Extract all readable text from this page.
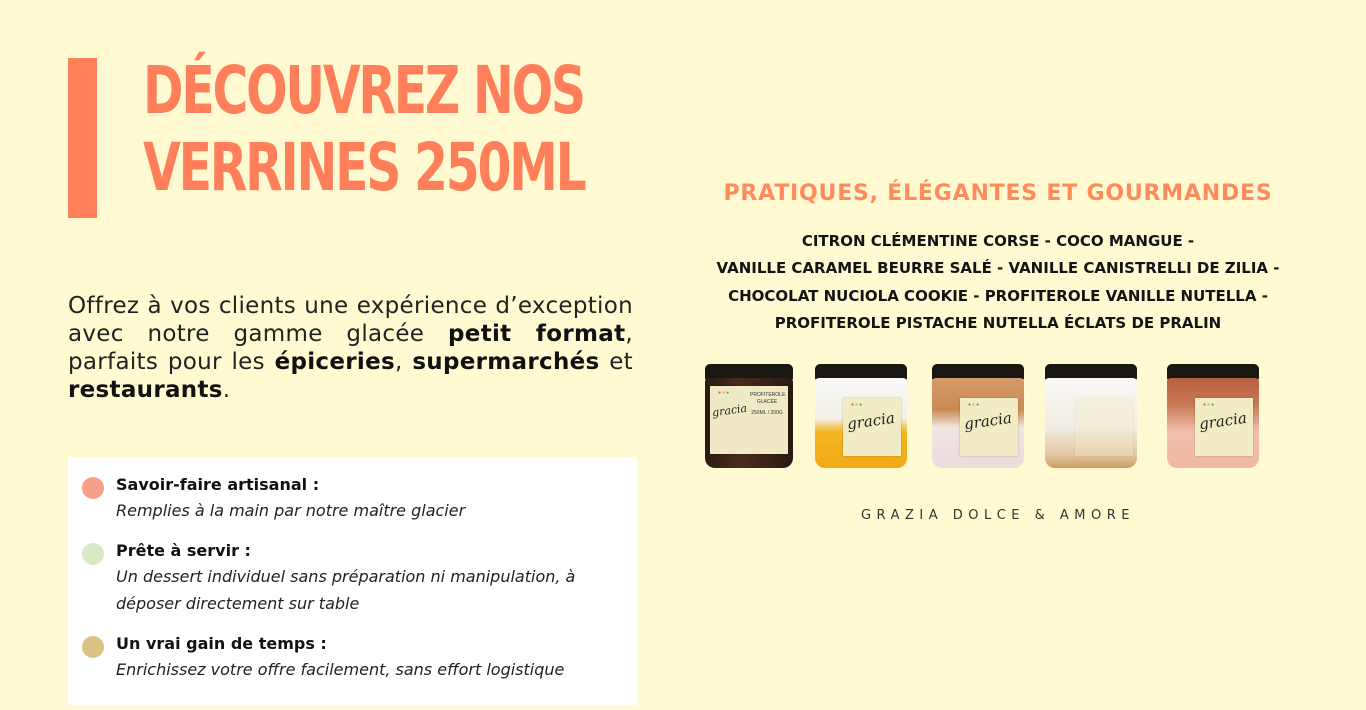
DÉCOUVREZ NOS
VERRINES 250ML

Offrez à vos clients une expérience d’exception avec notre gamme glacée petit format, parfaits pour les épiceries, supermarchés et restaurants.

Savoir-faire artisanal :
Remplies à la main par notre maître glacier
Prête à servir :
Un dessert individuel sans préparation ni manipulation, à déposer directement sur table
Un vrai gain de temps :
Enrichissez votre offre facilement, sans effort logistique
PRATIQUES, ÉLÉGANTES ET GOURMANDES
CITRON CLÉMENTINE CORSE - COCO MANGUE -
VANILLE CARAMEL BEURRE SALÉ - VANILLE CANISTRELLI DE ZILIA -
CHOCOLAT NUCIOLA COOKIE - PROFITEROLE VANILLE NUTELLA -
PROFITEROLE PISTACHE NUTELLA ÉCLATS DE PRALIN
●●●
gracia
PROFITEROLE GLACÉE
250ML / 200G
●●●
gracia
●●●
gracia
●●●
gracia
GRAZIA DOLCE & AMORE
